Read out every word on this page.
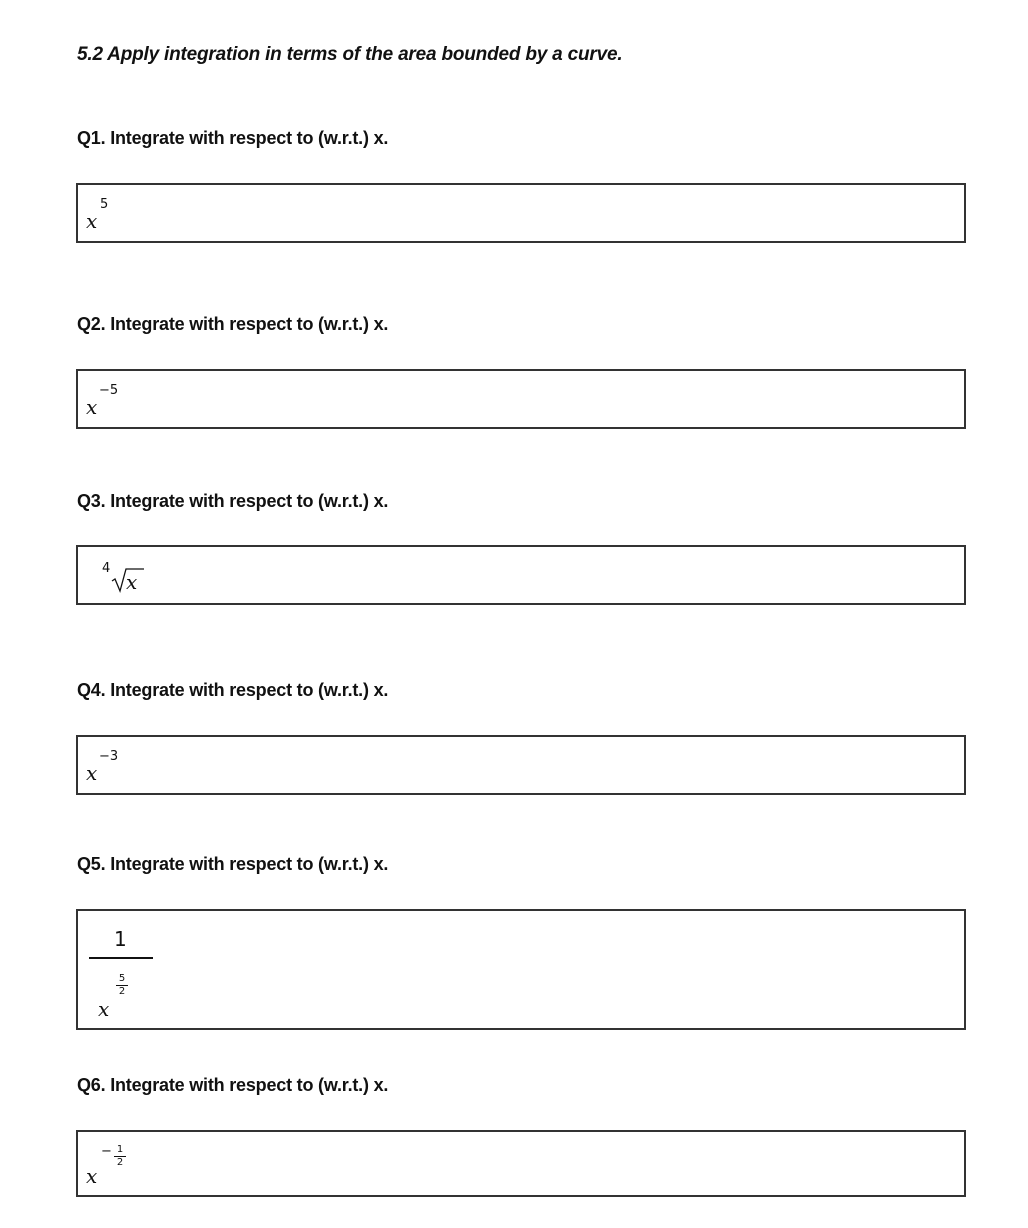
5.2 Apply integration in terms of the area bounded by a curve.

Q1. Integrate with respect to (w.r.t.) x.

x
5

Q2. Integrate with respect to (w.r.t.) x.

x
−5

Q3. Integrate with respect to (w.r.t.) x.

4
x

Q4. Integrate with respect to (w.r.t.) x.

x
−3

Q5. Integrate with respect to (w.r.t.) x.

1
x
5
2

Q6. Integrate with respect to (w.r.t.) x.

x
− 1
2
